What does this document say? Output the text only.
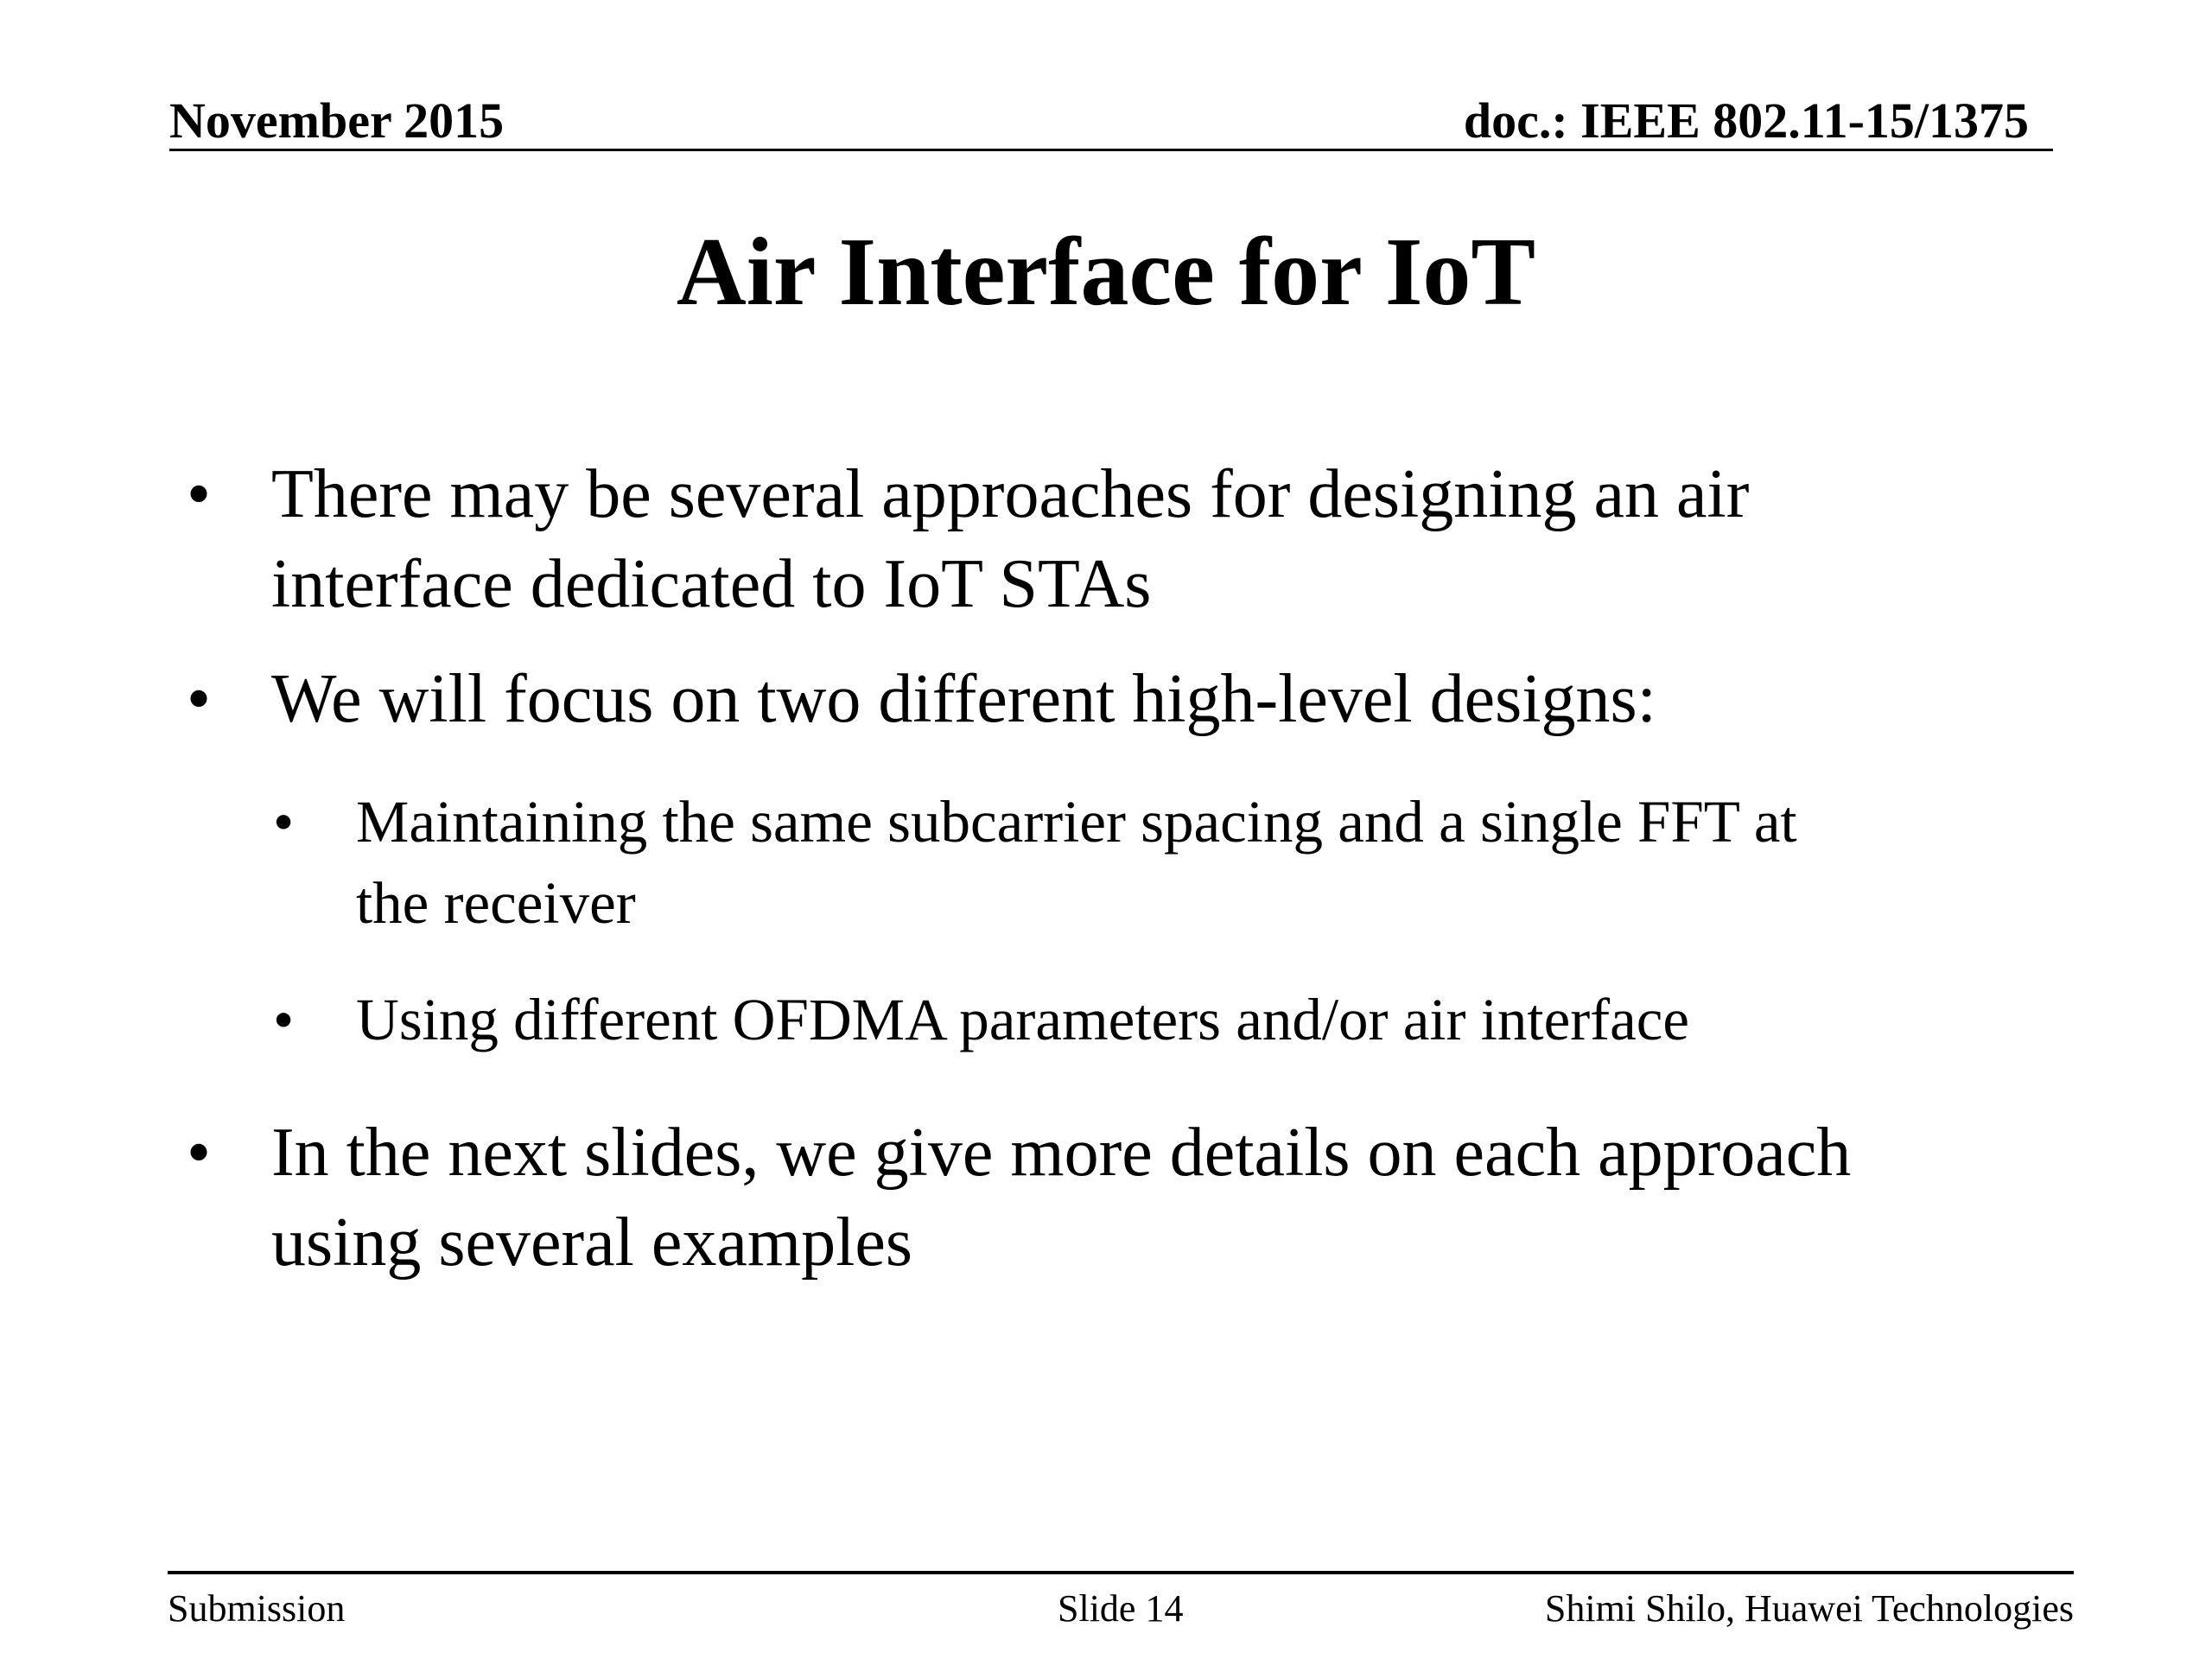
November 2015	doc.: IEEE 802.11-15/1375
Air Interface for IoT
• There may be several approaches for designing an air
interface dedicated to IoT STAs
• We will focus on two different high-level designs:
• Maintaining the same subcarrier spacing and a single FFT at
the receiver
• Using different OFDMA parameters and/or air interface
• In the next slides, we give more details on each approach
using several examples
Submission	Slide 14	Shimi Shilo, Huawei Technologies
